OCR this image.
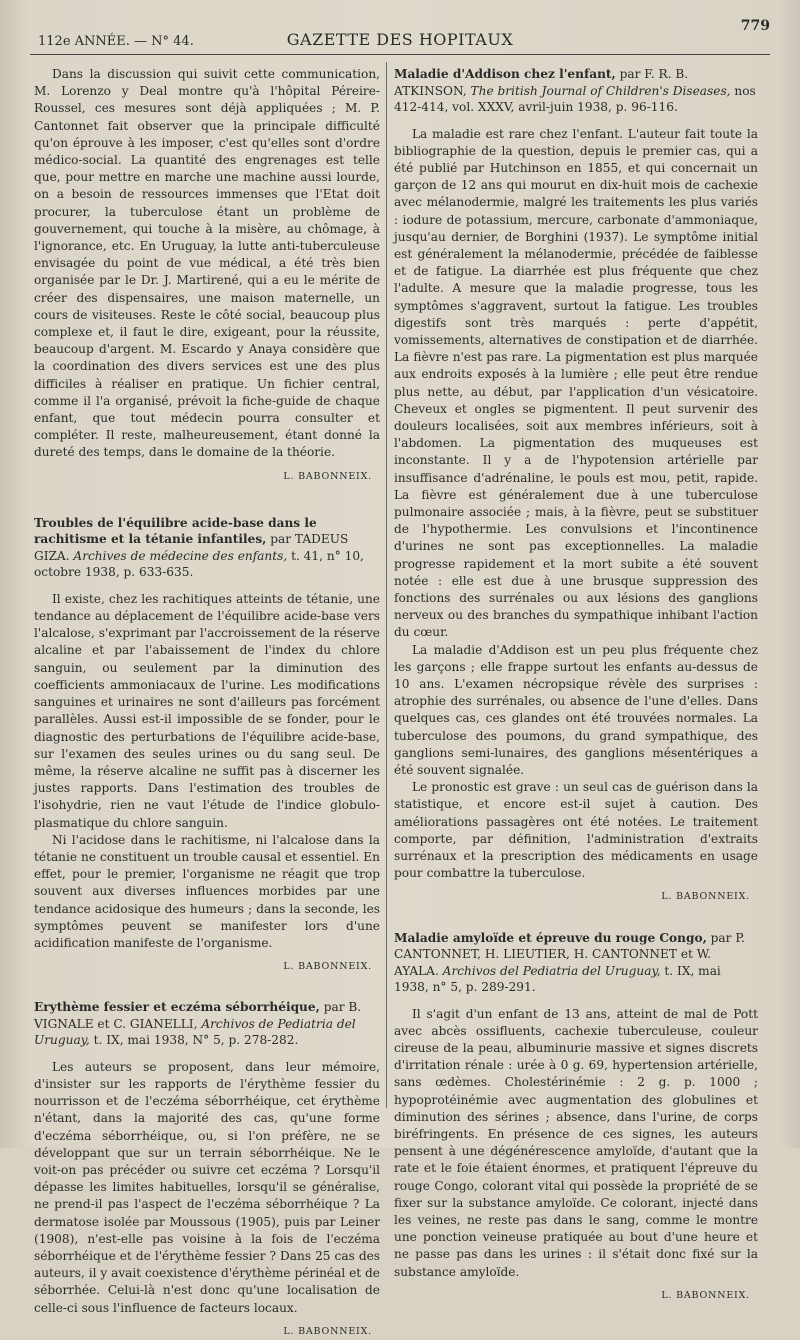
112e ANNÉE. — N° 44.	GAZETTE DES HOPITAUX
779

Dans la discussion qui suivit cette communication, M. Lorenzo y Deal montre qu'à l'hôpital Péreire-Roussel, ces mesures sont déjà appliquées ; M. P. Cantonnet fait observer que la principale difficulté qu'on éprouve à les imposer, c'est qu'elles sont d'ordre médico-social. La quantité des engrenages est telle que, pour mettre en marche une machine aussi lourde, on a besoin de ressources immenses que l'Etat doit procurer, la tuberculose étant un problème de gouvernement, qui touche à la misère, au chômage, à l'ignorance, etc. En Uruguay, la lutte anti-tuberculeuse envisagée du point de vue médical, a été très bien organisée par le Dr. J. Martirené, qui a eu le mérite de créer des dispensaires, une maison maternelle, un cours de visiteuses. Reste le côté social, beaucoup plus complexe et, il faut le dire, exigeant, pour la réussite, beaucoup d'argent. M. Escardo y Anaya considère que la coordination des divers services est une des plus difficiles à réaliser en pratique. Un fichier central, comme il l'a organisé, prévoit la fiche-guide de chaque enfant, que tout médecin pourra consulter et compléter. Il reste, malheureusement, étant donné la dureté des temps, dans le domaine de la théorie.

L. BABONNEIX.

Troubles de l'équilibre acide-base dans le rachitisme et la tétanie infantiles, par TADEUS GIZA. Archives de médecine des enfants, t. 41, n° 10, octobre 1938, p. 633-635.

Il existe, chez les rachitiques atteints de tétanie, une tendance au déplacement de l'équilibre acide-base vers l'alcalose, s'exprimant par l'accroissement de la réserve alcaline et par l'abaissement de l'index du chlore sanguin, ou seulement par la diminution des coefficients ammoniacaux de l'urine. Les modifications sanguines et urinaires ne sont d'ailleurs pas forcément parallèles. Aussi est-il impossible de se fonder, pour le diagnostic des perturbations de l'équilibre acide-base, sur l'examen des seules urines ou du sang seul. De même, la réserve alcaline ne suffit pas à discerner les justes rapports. Dans l'estimation des troubles de l'isohydrie, rien ne vaut l'étude de l'indice globulo-plasmatique du chlore sanguin.

Ni l'acidose dans le rachitisme, ni l'alcalose dans la tétanie ne constituent un trouble causal et essentiel. En effet, pour le premier, l'organisme ne réagit que trop souvent aux diverses influences morbides par une tendance acidosique des humeurs ; dans la seconde, les symptômes peuvent se manifester lors d'une acidification manifeste de l'organisme.

L. BABONNEIX.

Erythème fessier et eczéma séborrhéique, par B. VIGNALE et C. GIANELLI, Archivos de Pediatria del Uruguay, t. IX, mai 1938, N° 5, p. 278-282.

Les auteurs se proposent, dans leur mémoire, d'insister sur les rapports de l'érythème fessier du nourrisson et de l'eczéma séborrhéique, cet érythème n'étant, dans la majorité des cas, qu'une forme d'eczéma séborrhéique, ou, si l'on préfère, ne se développant que sur un terrain séborrhéique. Ne le voit-on pas précéder ou suivre cet eczéma ? Lorsqu'il dépasse les limites habituelles, lorsqu'il se généralise, ne prend-il pas l'aspect de l'eczéma séborrhéique ? La dermatose isolée par Moussous (1905), puis par Leiner (1908), n'est-elle pas voisine à la fois de l'eczéma séborrhéique et de l'érythème fessier ? Dans 25 cas des auteurs, il y avait coexistence d'érythème périnéal et de séborrhée. Celui-là n'est donc qu'une localisation de celle-ci sous l'influence de facteurs locaux.

L. BABONNEIX.

Maladie d'Addison chez l'enfant, par F. R. B. ATKINSON, The british Journal of Children's Diseases, nos 412-414, vol. XXXV, avril-juin 1938, p. 96-116.

La maladie est rare chez l'enfant. L'auteur fait toute la bibliographie de la question, depuis le premier cas, qui a été publié par Hutchinson en 1855, et qui concernait un garçon de 12 ans qui mourut en dix-huit mois de cachexie avec mélanodermie, malgré les traitements les plus variés : iodure de potassium, mercure, carbonate d'ammoniaque, jusqu'au dernier, de Borghini (1937). Le symptôme initial est généralement la mélanodermie, précédée de faiblesse et de fatigue. La diarrhée est plus fréquente que chez l'adulte. A mesure que la maladie progresse, tous les symptômes s'aggravent, surtout la fatigue. Les troubles digestifs sont très marqués : perte d'appétit, vomissements, alternatives de constipation et de diarrhée. La fièvre n'est pas rare. La pigmentation est plus marquée aux endroits exposés à la lumière ; elle peut être rendue plus nette, au début, par l'application d'un vésicatoire. Cheveux et ongles se pigmentent. Il peut survenir des douleurs localisées, soit aux membres inférieurs, soit à l'abdomen. La pigmentation des muqueuses est inconstante. Il y a de l'hypotension artérielle par insuffisance d'adrénaline, le pouls est mou, petit, rapide. La fièvre est généralement due à une tuberculose pulmonaire associée ; mais, à la fièvre, peut se substituer de l'hypothermie. Les convulsions et l'incontinence d'urines ne sont pas exceptionnelles. La maladie progresse rapidement et la mort subite a été souvent notée : elle est due à une brusque suppression des fonctions des surrénales ou aux lésions des ganglions nerveux ou des branches du sympathique inhibant l'action du cœur.

La maladie d'Addison est un peu plus fréquente chez les garçons ; elle frappe surtout les enfants au-dessus de 10 ans. L'examen nécropsique révèle des surprises : atrophie des surrénales, ou absence de l'une d'elles. Dans quelques cas, ces glandes ont été trouvées normales. La tuberculose des poumons, du grand sympathique, des ganglions semi-lunaires, des ganglions mésentériques a été souvent signalée.

Le pronostic est grave : un seul cas de guérison dans la statistique, et encore est-il sujet à caution. Des améliorations passagères ont été notées. Le traitement comporte, par définition, l'administration d'extraits surrénaux et la prescription des médicaments en usage pour combattre la tuberculose.

L. BABONNEIX.

Maladie amyloïde et épreuve du rouge Congo, par P. CANTONNET, H. LIEUTIER, H. CANTONNET et W. AYALA. Archivos del Pediatria del Uruguay, t. IX, mai 1938, n° 5, p. 289-291.

Il s'agit d'un enfant de 13 ans, atteint de mal de Pott avec abcès ossifluents, cachexie tuberculeuse, couleur cireuse de la peau, albuminurie massive et signes discrets d'irritation rénale : urée à 0 g. 69, hypertension artérielle, sans œdèmes. Cholestérinémie : 2 g. p. 1000 ; hypoprotéinémie avec augmentation des globulines et diminution des sérines ; absence, dans l'urine, de corps biréfringents. En présence de ces signes, les auteurs pensent à une dégénérescence amyloïde, d'autant que la rate et le foie étaient énormes, et pratiquent l'épreuve du rouge Congo, colorant vital qui possède la propriété de se fixer sur la substance amyloïde. Ce colorant, injecté dans les veines, ne reste pas dans le sang, comme le montre une ponction veineuse pratiquée au bout d'une heure et ne passe pas dans les urines : il s'était donc fixé sur la substance amyloïde.

L. BABONNEIX.
